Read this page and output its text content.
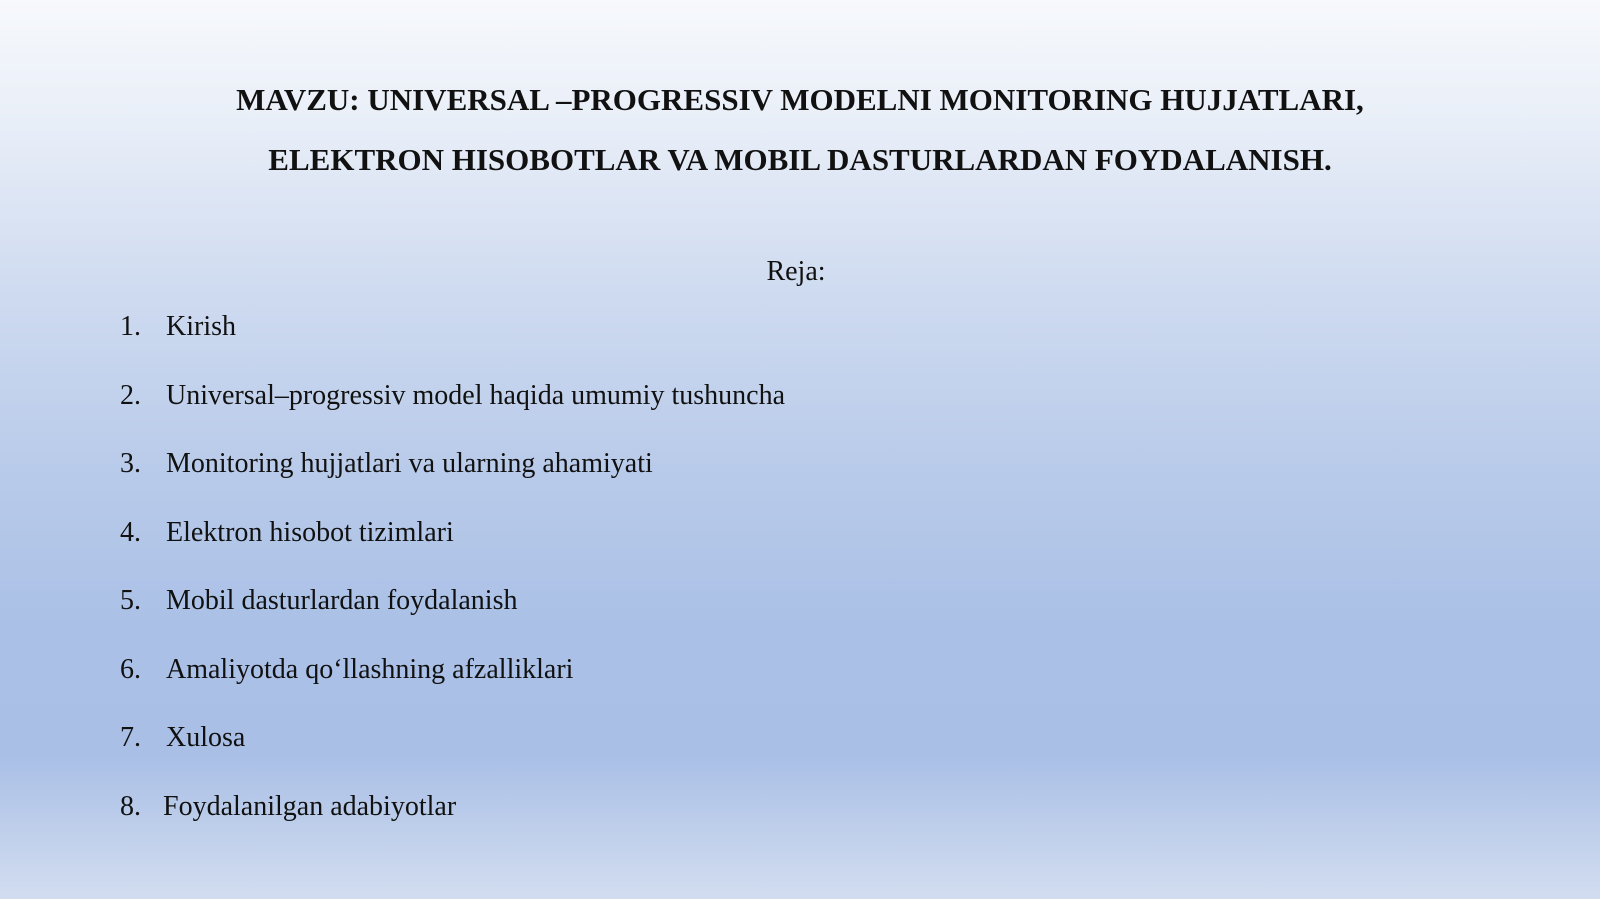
MAVZU: UNIVERSAL –PROGRESSIV MODELNI MONITORING HUJJATLARI,
ELEKTRON HISOBOTLAR VA MOBIL DASTURLARDAN FOYDALANISH.
Reja:
1. Kirish
2. Universal–progressiv model haqida umumiy tushuncha
3. Monitoring hujjatlari va ularning ahamiyati
4. Elektron hisobot tizimlari
5. Mobil dasturlardan foydalanish
6. Amaliyotda qo‘llashning afzalliklari
7. Xulosa
8. Foydalanilgan adabiyotlar
